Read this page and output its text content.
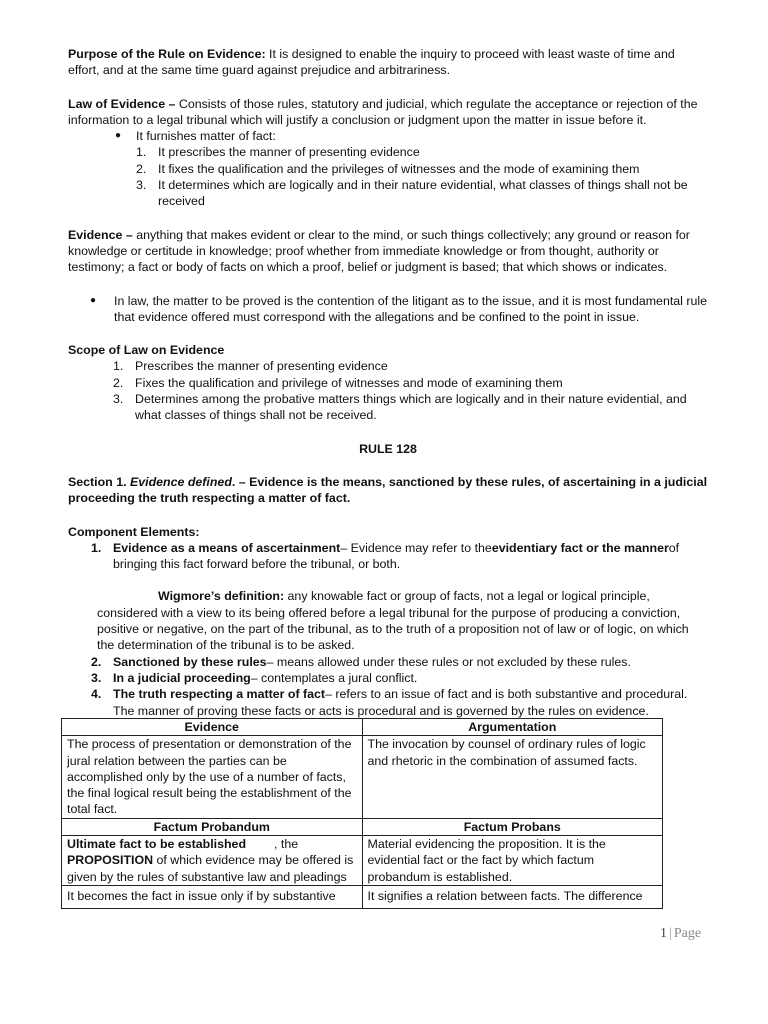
Purpose of the Rule on Evidence: It is designed to enable the inquiry to proceed with least waste of time and effort, and at the same time guard against prejudice and arbitrariness.

Law of Evidence – Consists of those rules, statutory and judicial, which regulate the acceptance or rejection of the information to a legal tribunal which will justify a conclusion or judgment upon the matter in issue before it.

● It furnishes matter of fact:
1. It prescribes the manner of presenting evidence
2. It fixes the qualification and the privileges of witnesses and the mode of examining them
3. It determines which are logically and in their nature evidential, what classes of things shall not be received

Evidence – anything that makes evident or clear to the mind, or such things collectively; any ground or reason for knowledge or certitude in knowledge; proof whether from immediate knowledge or from thought, authority or testimony; a fact or body of facts on which a proof, belief or judgment is based; that which shows or indicates.

● In law, the matter to be proved is the contention of the litigant as to the issue, and it is most fundamental rule that evidence offered must correspond with the allegations and be confined to the point in issue.

Scope of Law on Evidence

1. Prescribes the manner of presenting evidence
2. Fixes the qualification and privilege of witnesses and mode of examining them
3. Determines among the probative matters things which are logically and in their nature evidential, and what classes of things shall not be received.

RULE 128

Section 1. Evidence defined. – Evidence is the means, sanctioned by these rules, of ascertaining in a judicial proceeding the truth respecting a matter of fact.

Component Elements:

1. Evidence as a means of ascertainment– Evidence may refer to theevidentiary fact or the mannerof bringing this fact forward before the tribunal, or both.

Wigmore’s definition: any knowable fact or group of facts, not a legal or logical principle, considered with a view to its being offered before a legal tribunal for the purpose of producing a conviction, positive or negative, on the part of the tribunal, as to the truth of a proposition not of law or of logic, on which the determination of the tribunal is to be asked.

2. Sanctioned by these rules– means allowed under these rules or not excluded by these rules.
3. In a judicial proceeding– contemplates a jural conflict.
4. The truth respecting a matter of fact– refers to an issue of fact and is both substantive and procedural. The manner of proving these facts or acts is procedural and is governed by the rules on evidence.
Evidence	Argumentation
The process of presentation or demonstration of the jural relation between the parties can be accomplished only by the use of a number of facts, the final logical result being the establishment of the total fact.	The invocation by counsel of ordinary rules of logic and rhetoric in the combination of assumed facts.
Factum Probandum	Factum Probans
Ultimate fact to be established , the PROPOSITION of which evidence may be offered is given by the rules of substantive law and pleadings	Material evidencing the proposition. It is the evidential fact or the fact by which factum probandum is established.
It becomes the fact in issue only if by substantive	It signifies a relation between facts. The difference
1 | Page
